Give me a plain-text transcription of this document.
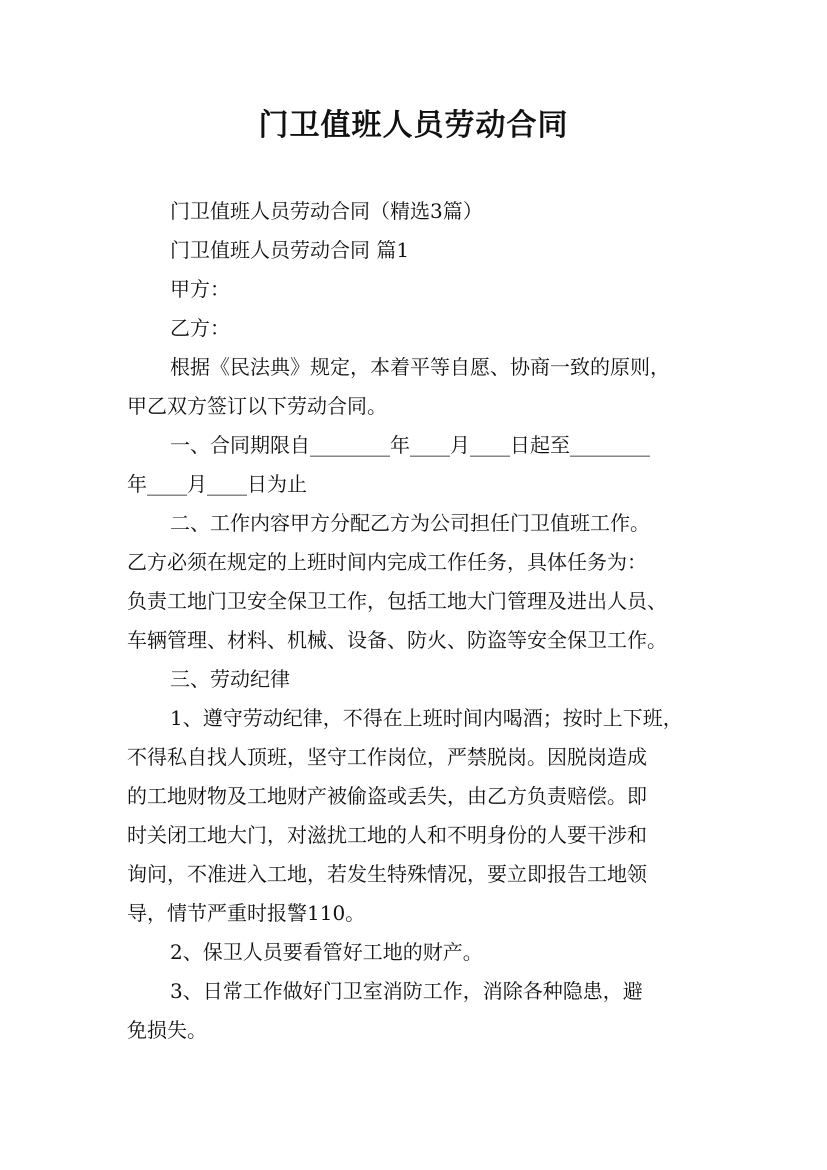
门卫值班人员劳动合同

门卫值班人员劳动合同（精选3篇）

门卫值班人员劳动合同 篇1

甲方：

乙方：

根据《民法典》规定，本着平等自愿、协商一致的原则，

甲乙双方签订以下劳动合同。

一、合同期限自________年____月____日起至________

年____月____日为止

二、工作内容甲方分配乙方为公司担任门卫值班工作。

乙方必须在规定的上班时间内完成工作任务，具体任务为：

负责工地门卫安全保卫工作，包括工地大门管理及进出人员、

车辆管理、材料、机械、设备、防火、防盗等安全保卫工作。

三、劳动纪律

1、遵守劳动纪律，不得在上班时间内喝酒；按时上下班，

不得私自找人顶班，坚守工作岗位，严禁脱岗。因脱岗造成

的工地财物及工地财产被偷盗或丢失，由乙方负责赔偿。即

时关闭工地大门，对滋扰工地的人和不明身份的人要干涉和

询问，不准进入工地，若发生特殊情况，要立即报告工地领

导，情节严重时报警110。

2、保卫人员要看管好工地的财产。

3、日常工作做好门卫室消防工作，消除各种隐患，避

免损失。
